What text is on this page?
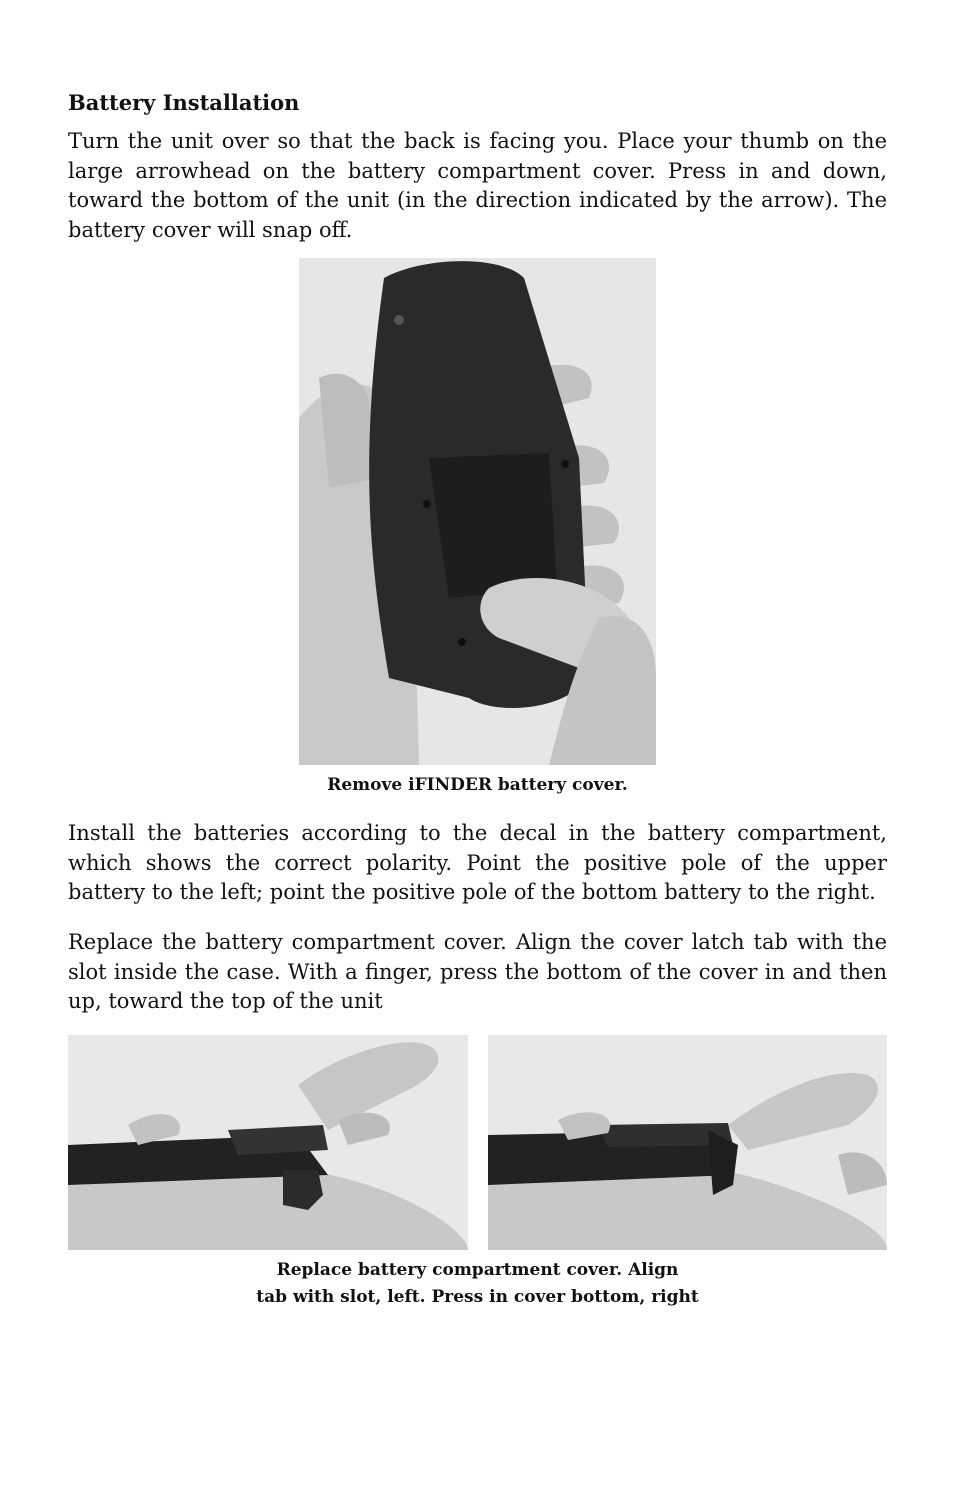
Battery Installation

Turn the unit over so that the back is facing you. Place your thumb on the large arrowhead on the battery compartment cover. Press in and down, toward the bottom of the unit (in the direction indicated by the arrow). The battery cover will snap off.

Remove iFINDER battery cover.

Install the batteries according to the decal in the battery compartment, which shows the correct polarity. Point the positive pole of the upper battery to the left; point the positive pole of the bottom battery to the right.

Replace the battery compartment cover. Align the cover latch tab with the slot inside the case. With a finger, press the bottom of the cover in and then up, toward the top of the unit

Replace battery compartment cover. Align
tab with slot, left. Press in cover bottom, right
